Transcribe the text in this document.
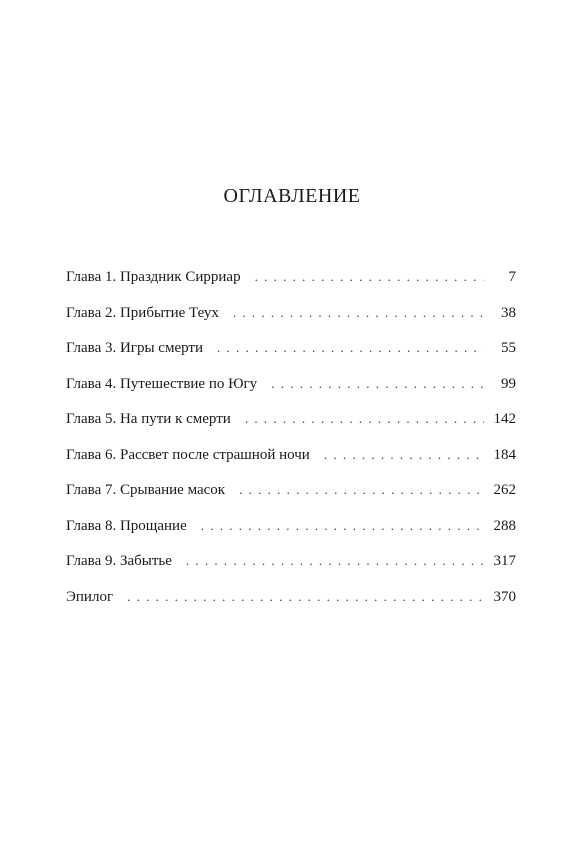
оглавление
Глава 1. Праздник Сирриар . . .	7
Глава 2. Прибытие Теух . . .	38
Глава 3. Игры смерти . . .	55
Глава 4. Путешествие по Югу . . .	99
Глава 5. На пути к смерти . . .	142
Глава 6. Рассвет после страшной ночи . . .	184
Глава 7. Срывание масок . . .	262
Глава 8. Прощание . . .	288
Глава 9. Забытье . . .	317
Эпилог . . .	370
